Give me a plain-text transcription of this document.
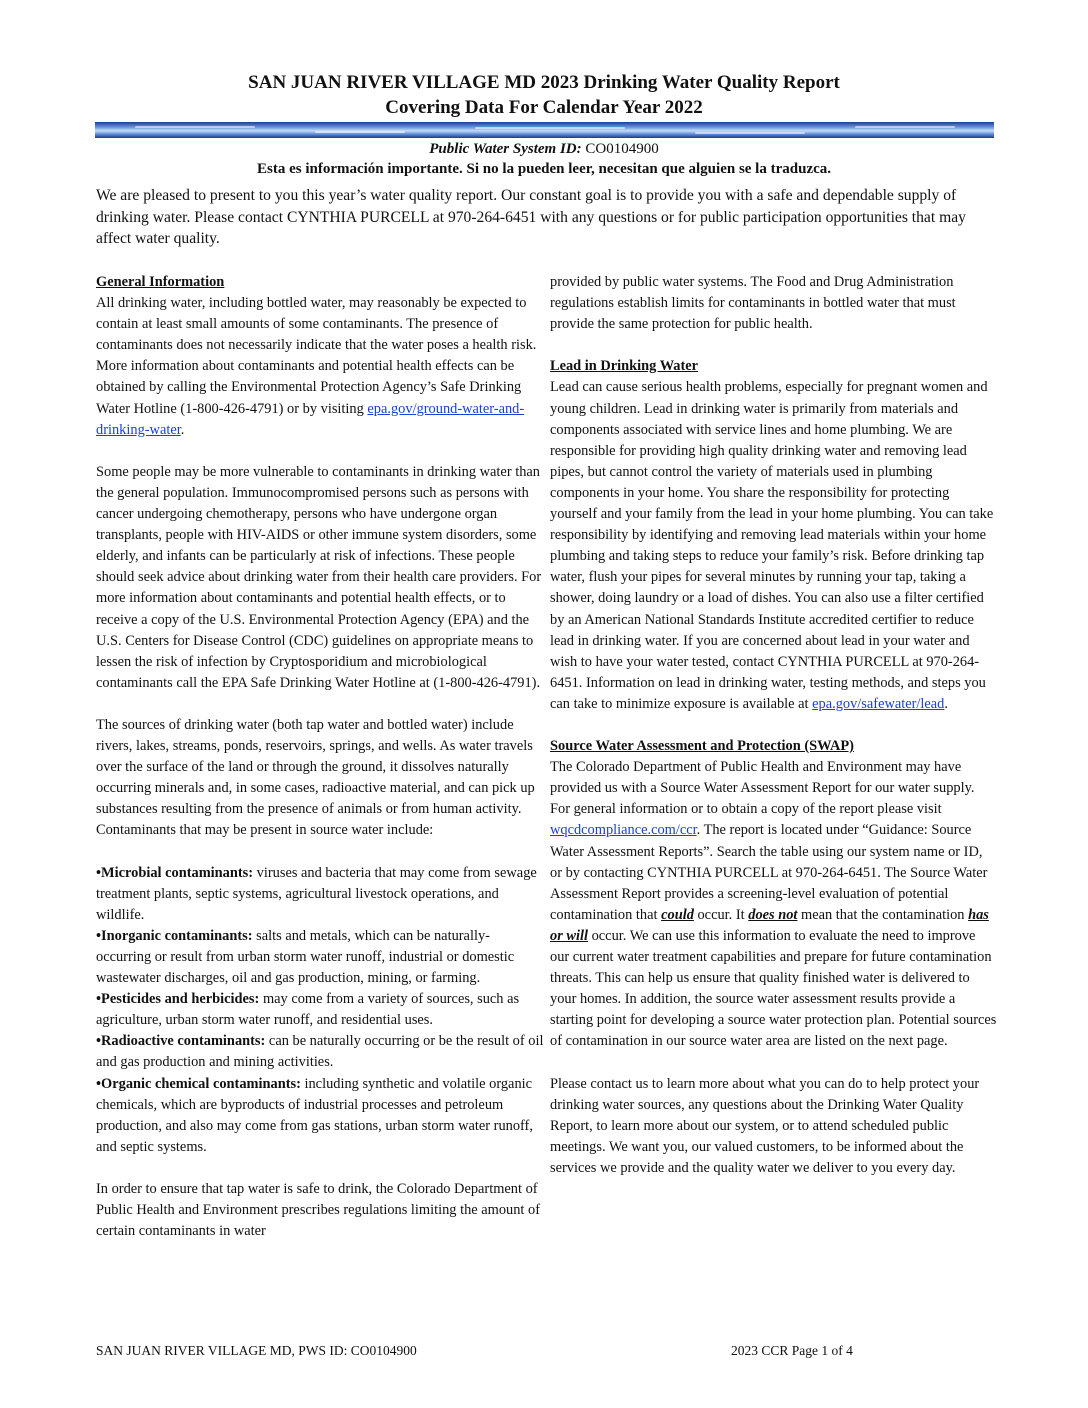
SAN JUAN RIVER VILLAGE MD 2023 Drinking Water Quality Report
Covering Data For Calendar Year 2022
Public Water System ID: CO0104900
Esta es información importante. Si no la pueden leer, necesitan que alguien se la traduzca.
We are pleased to present to you this year’s water quality report. Our constant goal is to provide you with a safe and dependable supply of drinking water. Please contact CYNTHIA PURCELL at 970-264-6451 with any questions or for public participation opportunities that may affect water quality.

General Information

All drinking water, including bottled water, may reasonably be expected to contain at least small amounts of some contaminants. The presence of contaminants does not necessarily indicate that the water poses a health risk. More information about contaminants and potential health effects can be obtained by calling the Environmental Protection Agency’s Safe Drinking Water Hotline (1-800-426-4791) or by visiting epa.gov/ground-water-and-drinking-water.

Some people may be more vulnerable to contaminants in drinking water than the general population. Immunocompromised persons such as persons with cancer undergoing chemotherapy, persons who have undergone organ transplants, people with HIV-AIDS or other immune system disorders, some elderly, and infants can be particularly at risk of infections. These people should seek advice about drinking water from their health care providers. For more information about contaminants and potential health effects, or to receive a copy of the U.S. Environmental Protection Agency (EPA) and the U.S. Centers for Disease Control (CDC) guidelines on appropriate means to lessen the risk of infection by Cryptosporidium and microbiological contaminants call the EPA Safe Drinking Water Hotline at (1-800-426-4791).

The sources of drinking water (both tap water and bottled water) include rivers, lakes, streams, ponds, reservoirs, springs, and wells. As water travels over the surface of the land or through the ground, it dissolves naturally occurring minerals and, in some cases, radioactive material, and can pick up substances resulting from the presence of animals or from human activity. Contaminants that may be present in source water include:

•Microbial contaminants: viruses and bacteria that may come from sewage treatment plants, septic systems, agricultural livestock operations, and wildlife.

•Inorganic contaminants: salts and metals, which can be naturally-occurring or result from urban storm water runoff, industrial or domestic wastewater discharges, oil and gas production, mining, or farming.

•Pesticides and herbicides: may come from a variety of sources, such as agriculture, urban storm water runoff, and residential uses.

•Radioactive contaminants: can be naturally occurring or be the result of oil and gas production and mining activities.

•Organic chemical contaminants: including synthetic and volatile organic chemicals, which are byproducts of industrial processes and petroleum production, and also may come from gas stations, urban storm water runoff, and septic systems.

In order to ensure that tap water is safe to drink, the Colorado Department of Public Health and Environment prescribes regulations limiting the amount of certain contaminants in water

provided by public water systems. The Food and Drug Administration regulations establish limits for contaminants in bottled water that must provide the same protection for public health.

Lead in Drinking Water

Lead can cause serious health problems, especially for pregnant women and young children. Lead in drinking water is primarily from materials and components associated with service lines and home plumbing. We are responsible for providing high quality drinking water and removing lead pipes, but cannot control the variety of materials used in plumbing components in your home. You share the responsibility for protecting yourself and your family from the lead in your home plumbing. You can take responsibility by identifying and removing lead materials within your home plumbing and taking steps to reduce your family’s risk. Before drinking tap water, flush your pipes for several minutes by running your tap, taking a shower, doing laundry or a load of dishes. You can also use a filter certified by an American National Standards Institute accredited certifier to reduce lead in drinking water. If you are concerned about lead in your water and wish to have your water tested, contact CYNTHIA PURCELL at 970-264-6451. Information on lead in drinking water, testing methods, and steps you can take to minimize exposure is available at epa.gov/safewater/lead.

Source Water Assessment and Protection (SWAP)

The Colorado Department of Public Health and Environment may have provided us with a Source Water Assessment Report for our water supply. For general information or to obtain a copy of the report please visit wqcdcompliance.com/ccr. The report is located under “Guidance: Source Water Assessment Reports”. Search the table using our system name or ID, or by contacting CYNTHIA PURCELL at 970-264-6451. The Source Water Assessment Report provides a screening-level evaluation of potential contamination that could occur. It does not mean that the contamination has or will occur. We can use this information to evaluate the need to improve our current water treatment capabilities and prepare for future contamination threats. This can help us ensure that quality finished water is delivered to your homes. In addition, the source water assessment results provide a starting point for developing a source water protection plan. Potential sources of contamination in our source water area are listed on the next page.

Please contact us to learn more about what you can do to help protect your drinking water sources, any questions about the Drinking Water Quality Report, to learn more about our system, or to attend scheduled public meetings. We want you, our valued customers, to be informed about the services we provide and the quality water we deliver to you every day.

SAN JUAN RIVER VILLAGE MD, PWS ID: CO0104900	2023 CCR Page 1 of 4
